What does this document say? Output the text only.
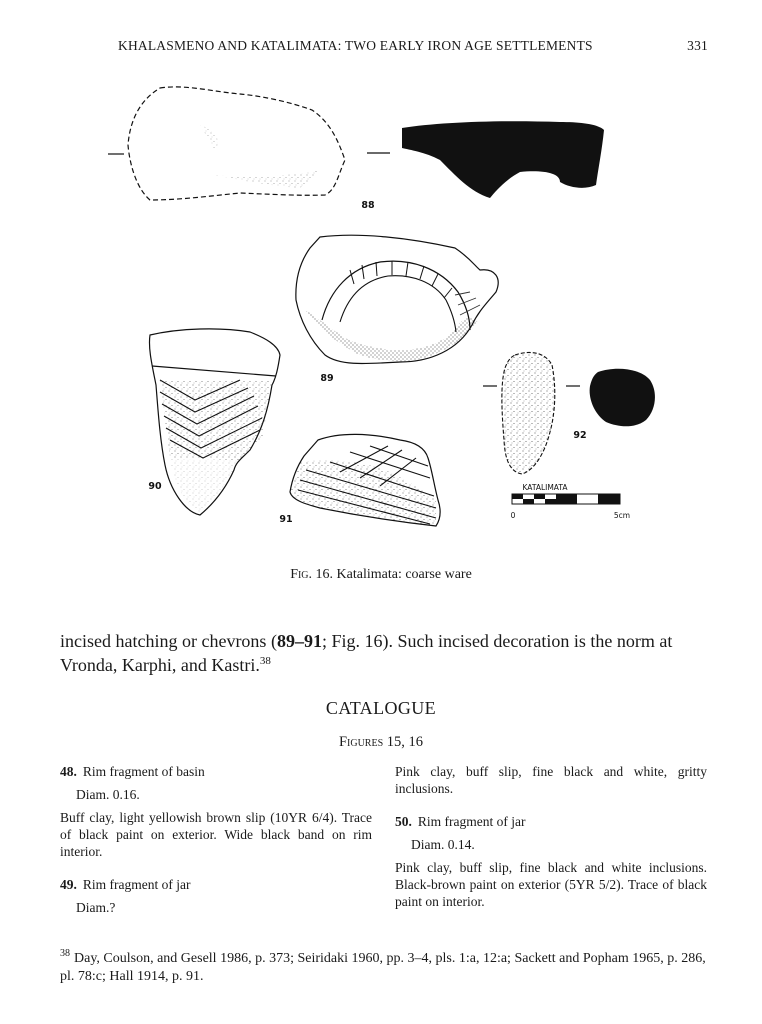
KHALASMENO AND KATALIMATA: TWO EARLY IRON AGE SETTLEMENTS	331
88
89
90
91
92
KATALIMATA
0	5cm
Fig. 16. Katalimata: coarse ware
incised hatching or chevrons (89–91; Fig. 16). Such incised decoration is the norm at Vronda, Karphi, and Kastri.$^{38}$
CATALOGUE
Figures 15, 16

48. Rim fragment of basin

Diam. 0.16.

Buff clay, light yellowish brown slip (10YR 6/4). Trace of black paint on exterior. Wide black band on rim interior.

49. Rim fragment of jar

Diam.?

Pink clay, buff slip, fine black and white, gritty inclusions.

50. Rim fragment of jar

Diam. 0.14.

Pink clay, buff slip, fine black and white inclusions. Black-brown paint on exterior (5YR 5/2). Trace of black paint on interior.

$^{38}$ Day, Coulson, and Gesell 1986, p. 373; Seiridaki 1960, pp. 3–4, pls. 1:a, 12:a; Sackett and Popham 1965, p. 286, pl. 78:c; Hall 1914, p. 91.
